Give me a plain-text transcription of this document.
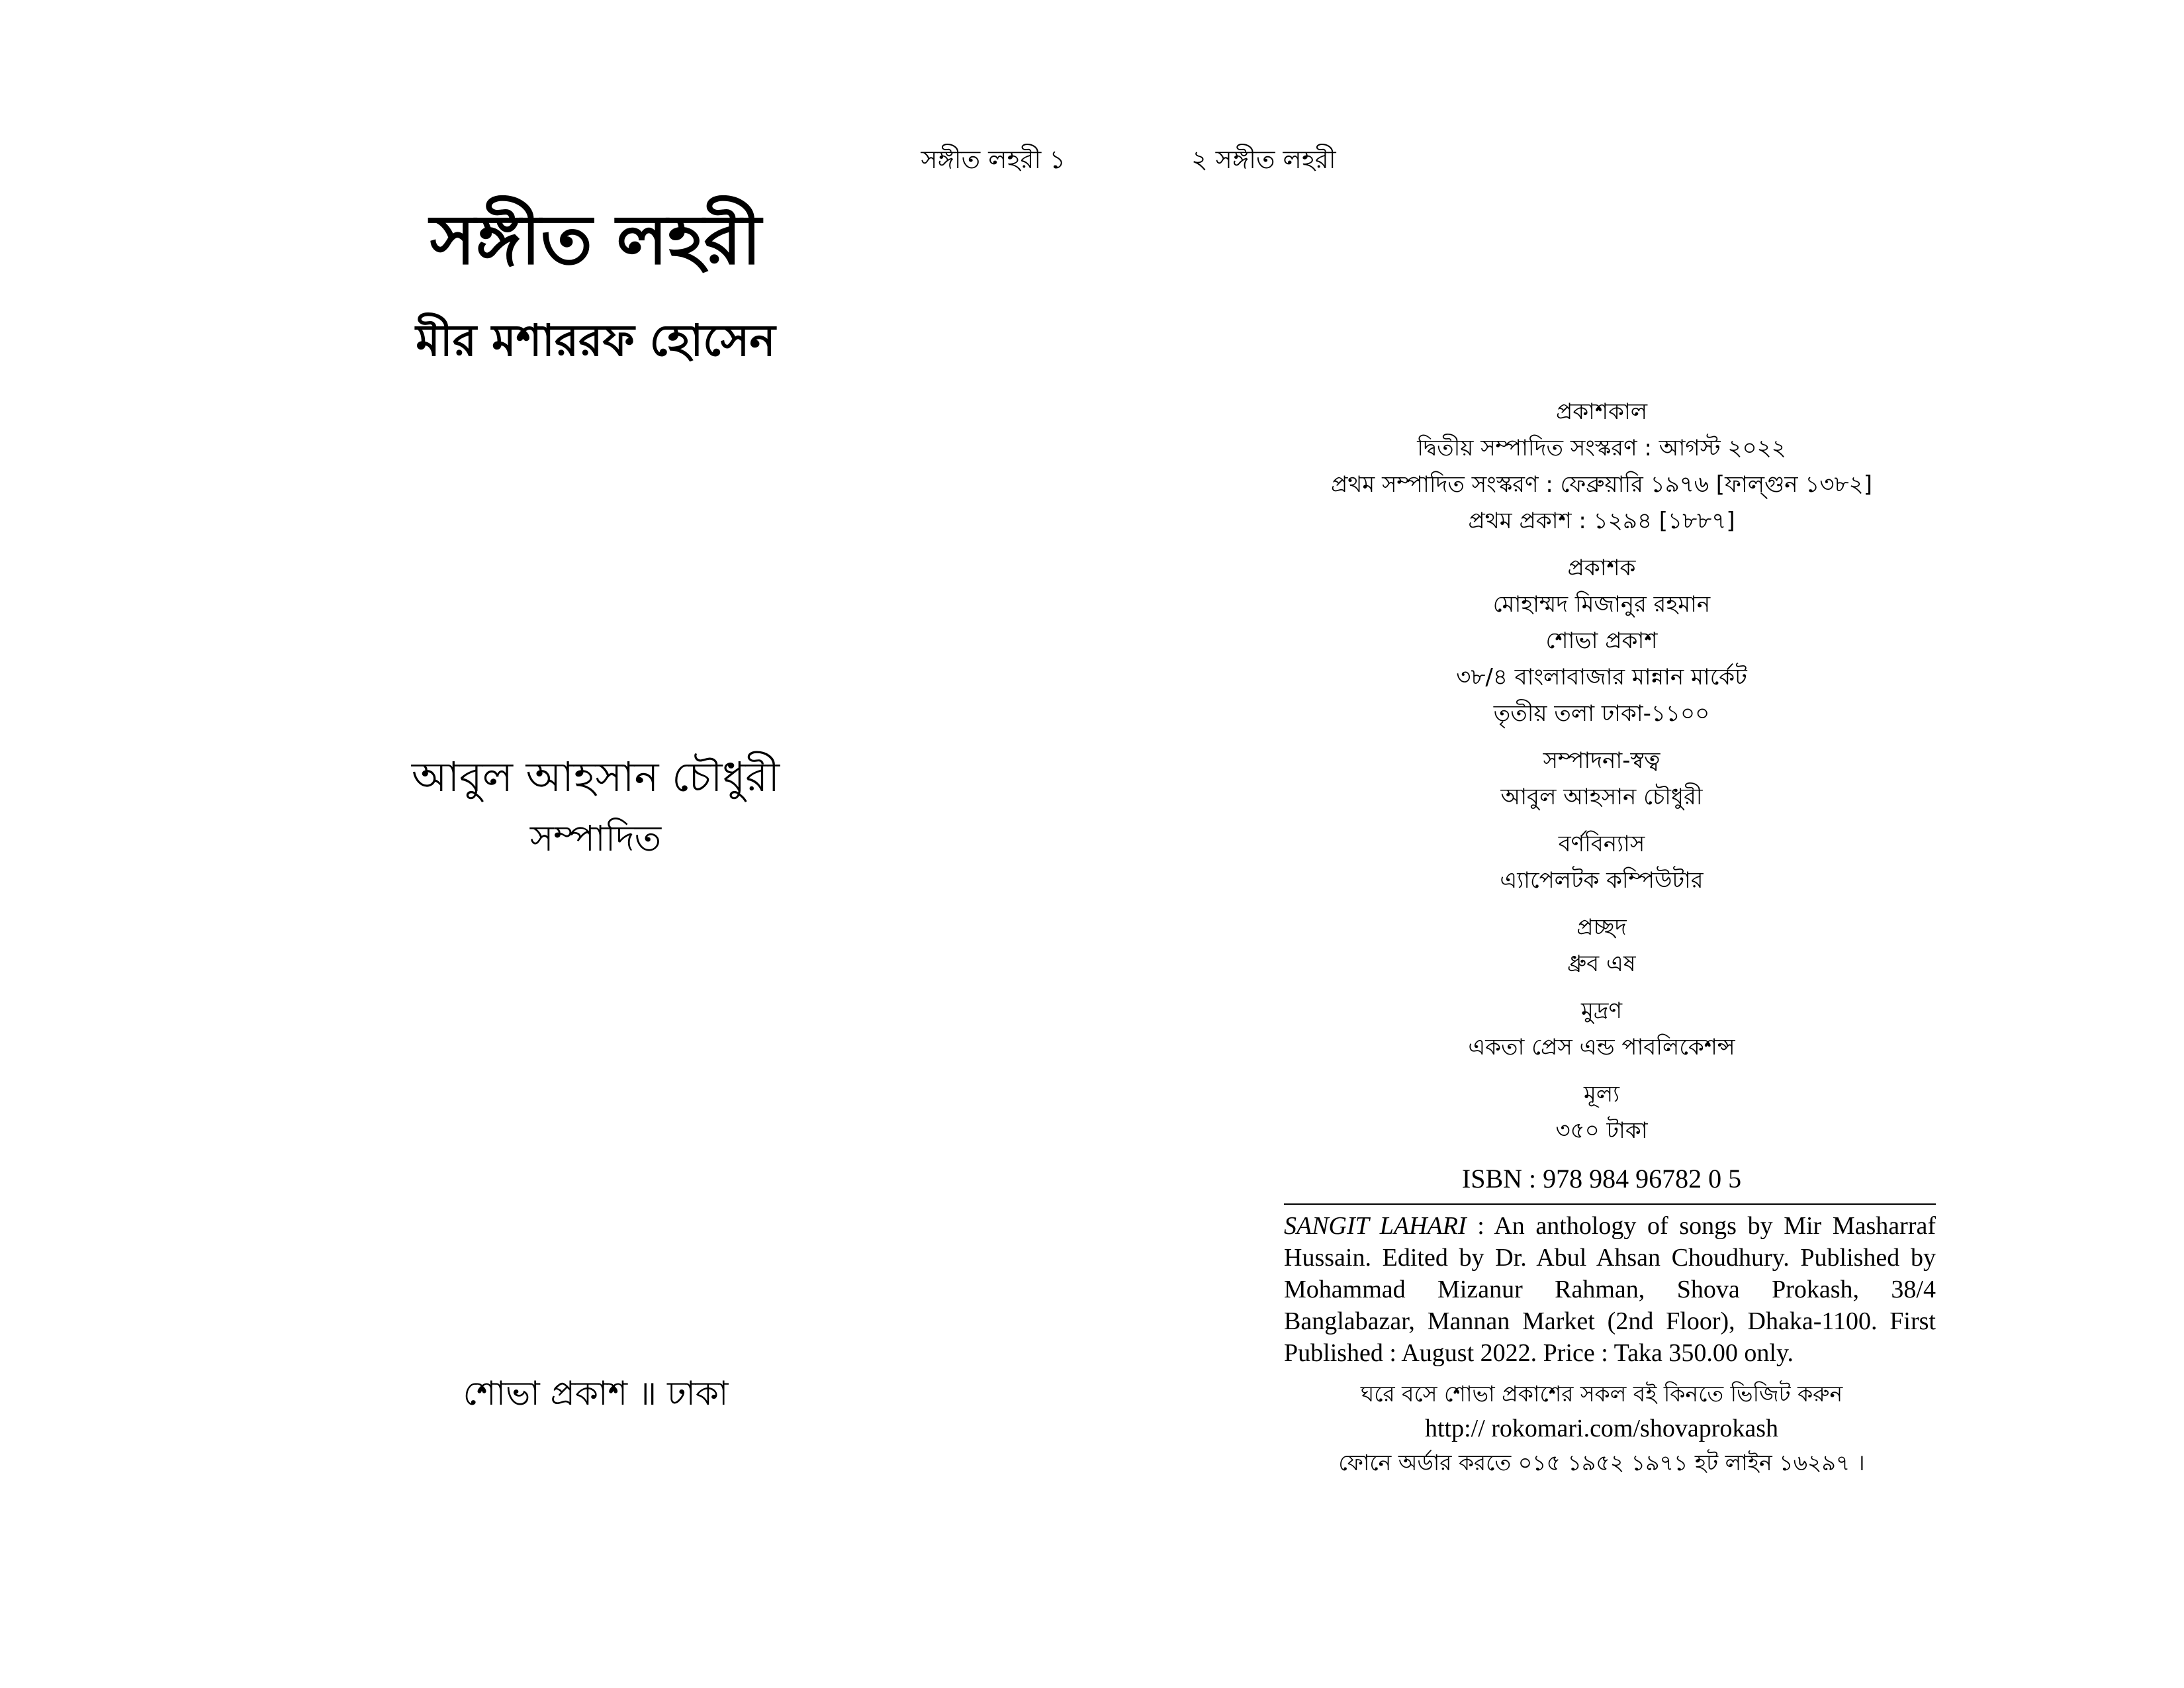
সঙ্গীত লহরী ১	২ সঙ্গীত লহরী
সঙ্গীত লহরী
মীর মশাররফ হোসেন
আবুল আহসান চৌধুরী
সম্পাদিত
শোভা প্রকাশ ॥ ঢাকা
প্রকাশকাল
দ্বিতীয় সম্পাদিত সংস্করণ : আগস্ট ২০২২
প্রথম সম্পাদিত সংস্করণ : ফেব্রুয়ারি ১৯৭৬ [ফাল্গুন ১৩৮২]
প্রথম প্রকাশ : ১২৯৪ [১৮৮৭]
প্রকাশক
মোহাম্মদ মিজানুর রহমান
শোভা প্রকাশ
৩৮/৪ বাংলাবাজার মান্নান মার্কেট
তৃতীয় তলা ঢাকা-১১০০
সম্পাদনা-স্বত্ব
আবুল আহসান চৌধুরী
বর্ণবিন্যাস
এ্যাপেলটক কম্পিউটার
প্রচ্ছদ
ধ্রুব এষ
মুদ্রণ
একতা প্রেস এন্ড পাবলিকেশন্স
মূল্য
৩৫০ টাকা
ISBN : 978 984 96782 0 5
SANGIT LAHARI : An anthology of songs by Mir Masharraf Hussain. Edited by Dr. Abul Ahsan Choudhury. Published by Mohammad Mizanur Rahman, Shova Prokash, 38/4 Banglabazar, Mannan Market (2nd Floor), Dhaka-1100. First Published : August 2022. Price : Taka 350.00 only.
ঘরে বসে শোভা প্রকাশের সকল বই কিনতে ভিজিট করুন
http:// rokomari.com/shovaprokash
ফোনে অর্ডার করতে ০১৫ ১৯৫২ ১৯৭১ হট লাইন ১৬২৯৭ ।
